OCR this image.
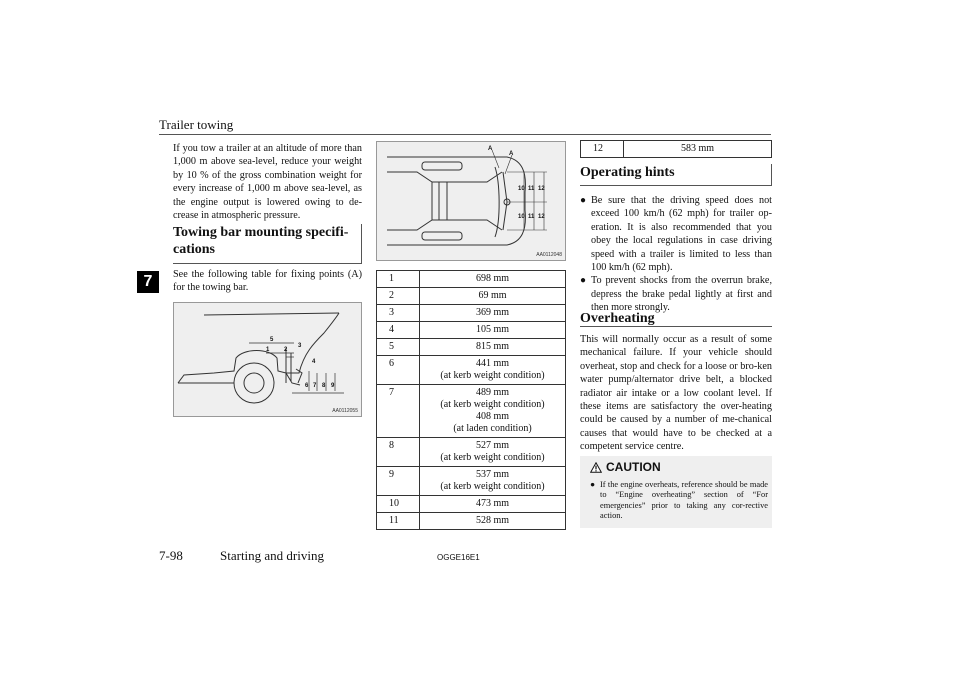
Trailer towing
7
If you tow a trailer at an altitude of more than 1,000 m above sea-level, reduce your weight by 10 % of the gross combination weight for every increase of 1,000 m above sea-level, as the engine output is lowered owing to de-crease in atmospheric pressure.
Towing bar mounting specifi-cations
See the following table for fixing points (A) for the towing bar.
5
1 2
3
4
6 7 8 9
AA0112055
A
A
10 11 12
10 11 12
AA0112048
1	698 mm

2	69 mm

3	369 mm

4	105 mm

5	815 mm

6	441 mm
(at kerb weight condition)

7	489 mm
(at kerb weight condition)
408 mm
(at laden condition)

8	527 mm
(at kerb weight condition)

9	537 mm
(at kerb weight condition)

10	473 mm

11	528 mm
12	583 mm
Operating hints
● Be sure that the driving speed does not exceed 100 km/h (62 mph) for trailer op-eration. It is also recommended that you obey the local regulations in case driving speed with a trailer is limited to less than 100 km/h (62 mph).
● To prevent shocks from the overrun brake, depress the brake pedal lightly at first and then more strongly.
Overheating
This will normally occur as a result of some mechanical failure. If your vehicle should overheat, stop and check for a loose or bro-ken water pump/alternator drive belt, a blocked radiator air intake or a low coolant level. If these items are satisfactory the over-heating could be caused by a number of me-chanical causes that would have to be checked at a competent service centre.
CAUTION
● If the engine overheats, reference should be made to “Engine overheating” section of “For emergencies” prior to taking any cor-rective action.
7-98	Starting and driving	OGGE16E1
